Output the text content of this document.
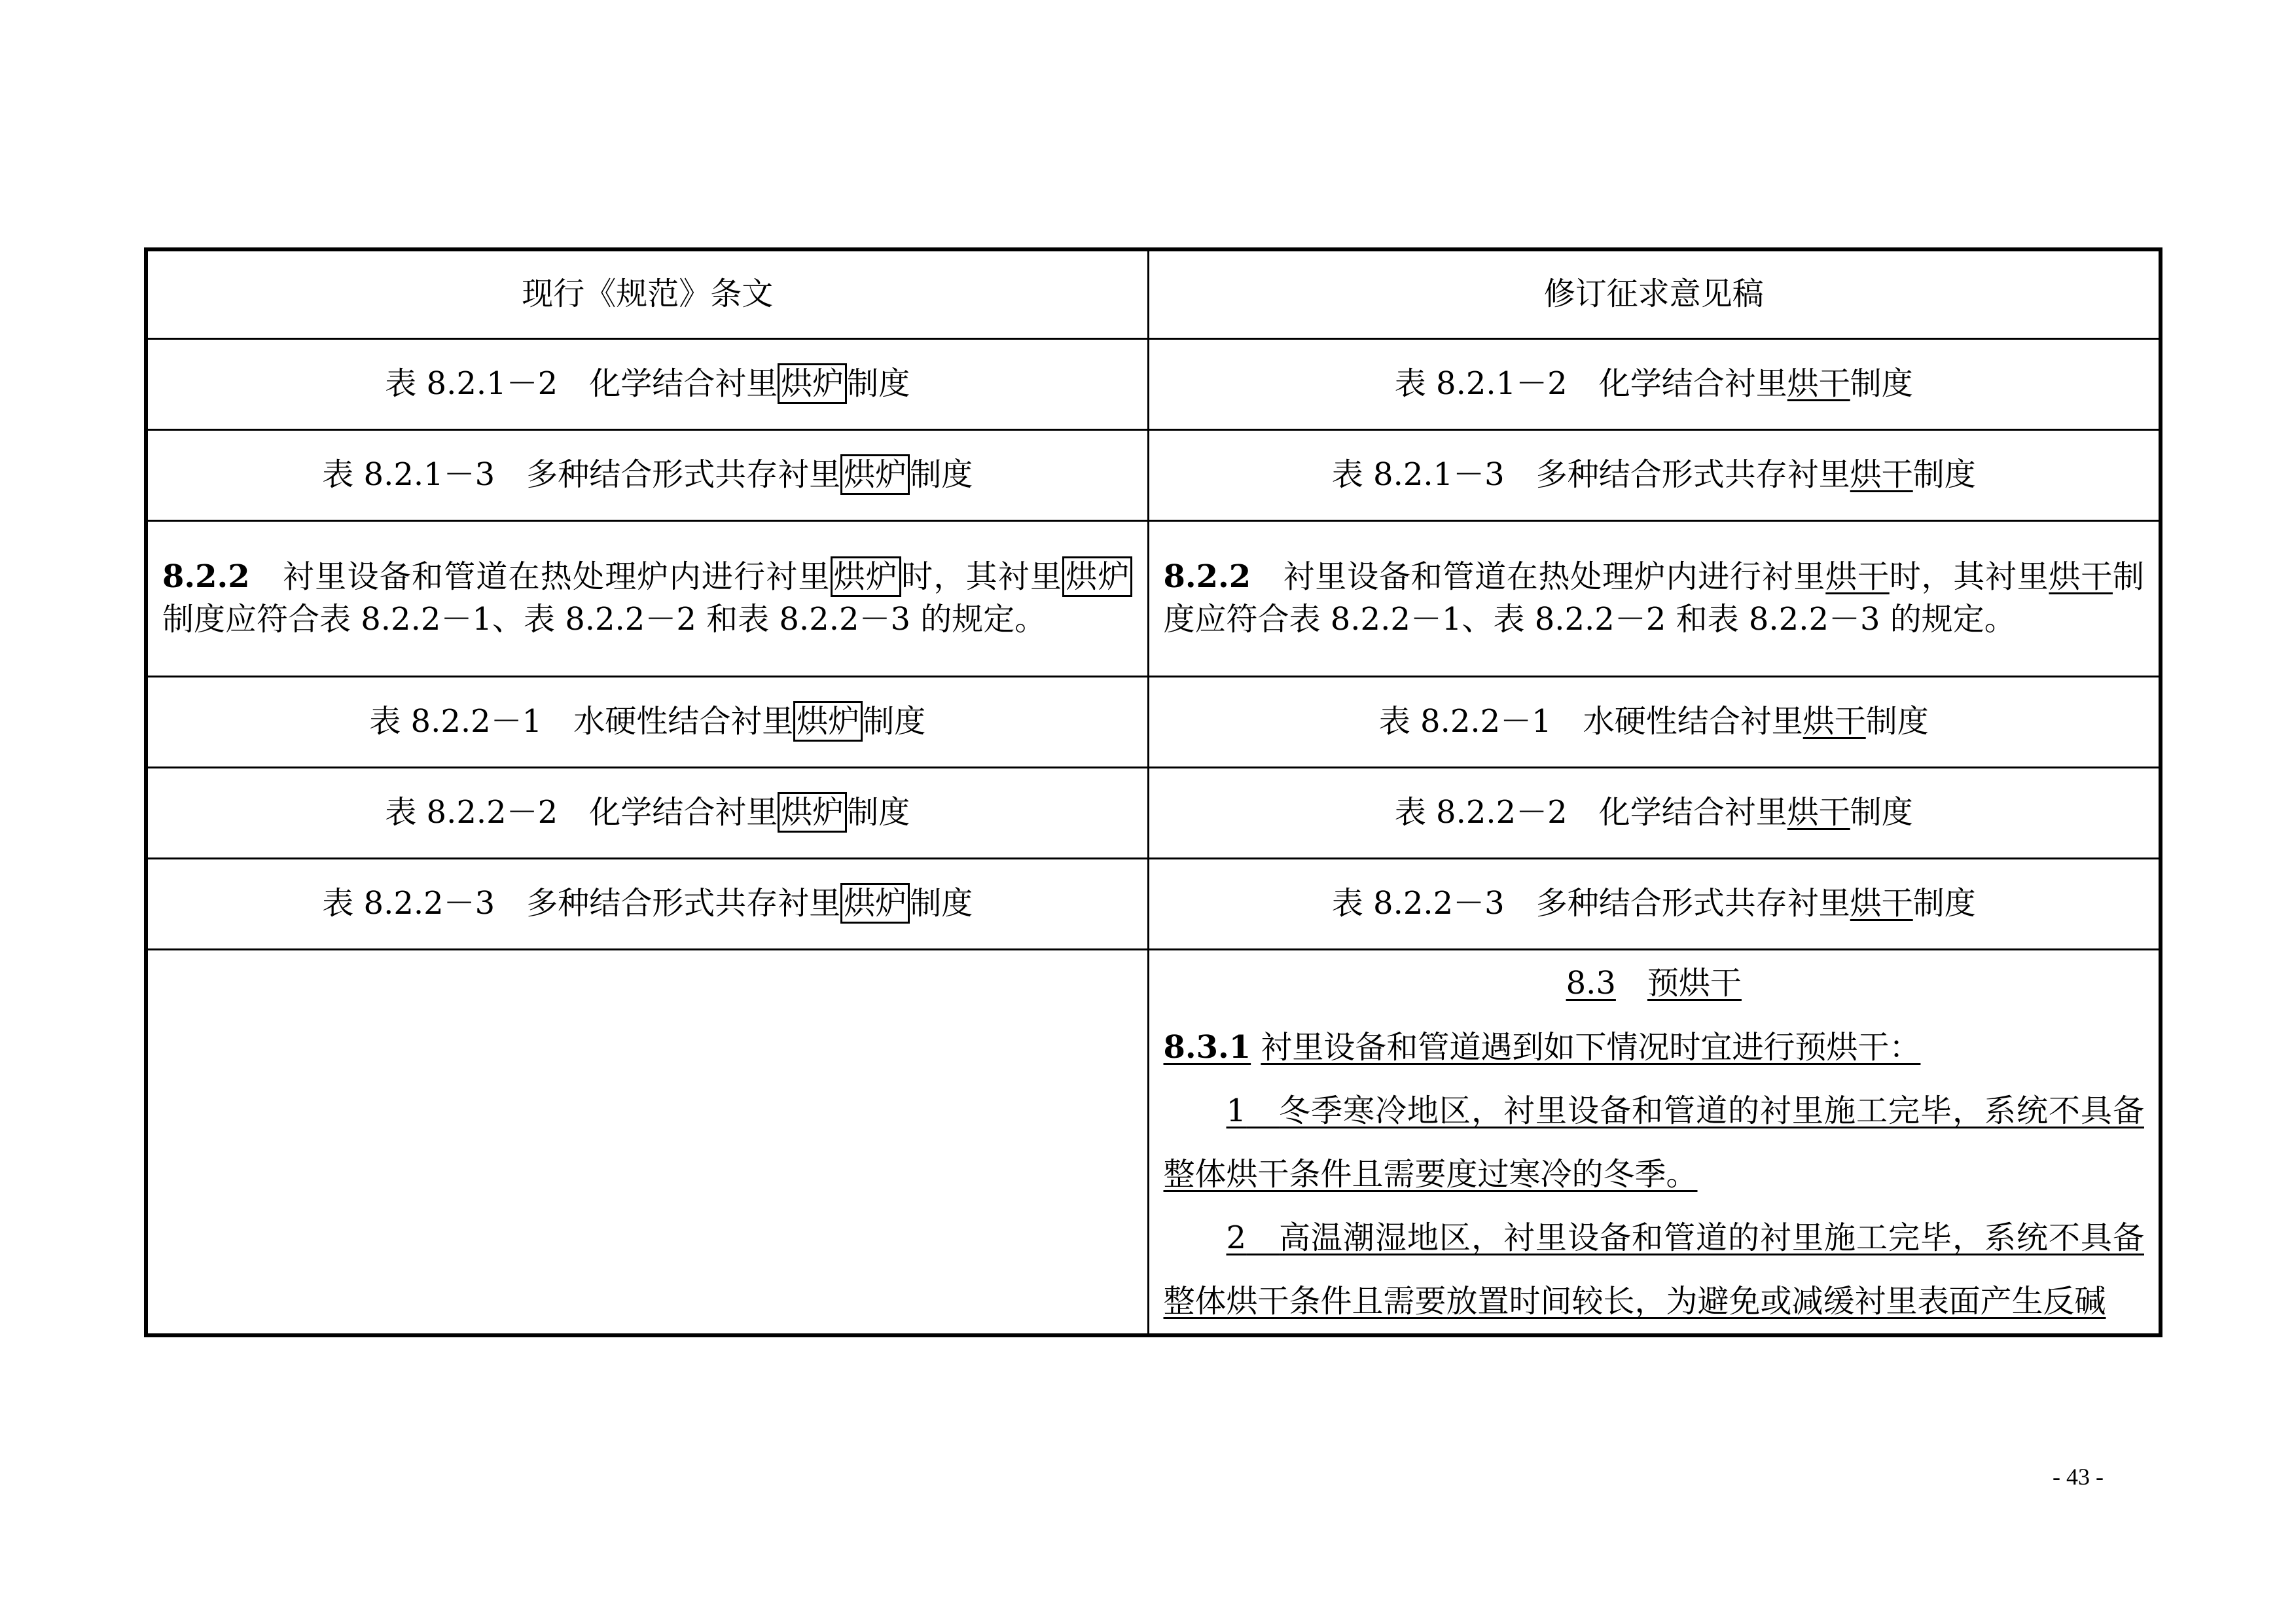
现行《规范》条文	修订征求意见稿
表 8.2.1－2　化学结合衬里 烘炉 制度	表 8.2.1－2　化学结合衬里烘干制度
表 8.2.1－3　多种结合形式共存衬里 烘炉 制度	表 8.2.1－3　多种结合形式共存衬里烘干制度
8.2.2　衬里设备和管道在热处理炉内进行衬里 烘炉 时，其衬里 烘炉制度应符合表 8.2.2－1、表 8.2.2－2 和表 8.2.2－3 的规定。	8.2.2　衬里设备和管道在热处理炉内进行衬里烘干时，其衬里烘干制度应符合表 8.2.2－1、表 8.2.2－2 和表 8.2.2－3 的规定。
表 8.2.2－1　水硬性结合衬里 烘炉 制度	表 8.2.2－1　水硬性结合衬里烘干制度
表 8.2.2－2　化学结合衬里 烘炉 制度	表 8.2.2－2　化学结合衬里烘干制度
表 8.2.2－3　多种结合形式共存衬里 烘炉 制度	表 8.2.2－3　多种结合形式共存衬里烘干制度

	8.3　 预烘干

8.3.1 衬里设备和管道遇到如下情况时宜进行预烘干：

1　 冬季寒冷地区，衬里设备和管道的衬里施工完毕，系统不具备整体烘干条件且需要度过寒冷的冬季。

2　 高温潮湿地区，衬里设备和管道的衬里施工完毕，系统不具备整体烘干条件且需要放置时间较长，为避免或减缓衬里表面产生反碱

- 43 -
